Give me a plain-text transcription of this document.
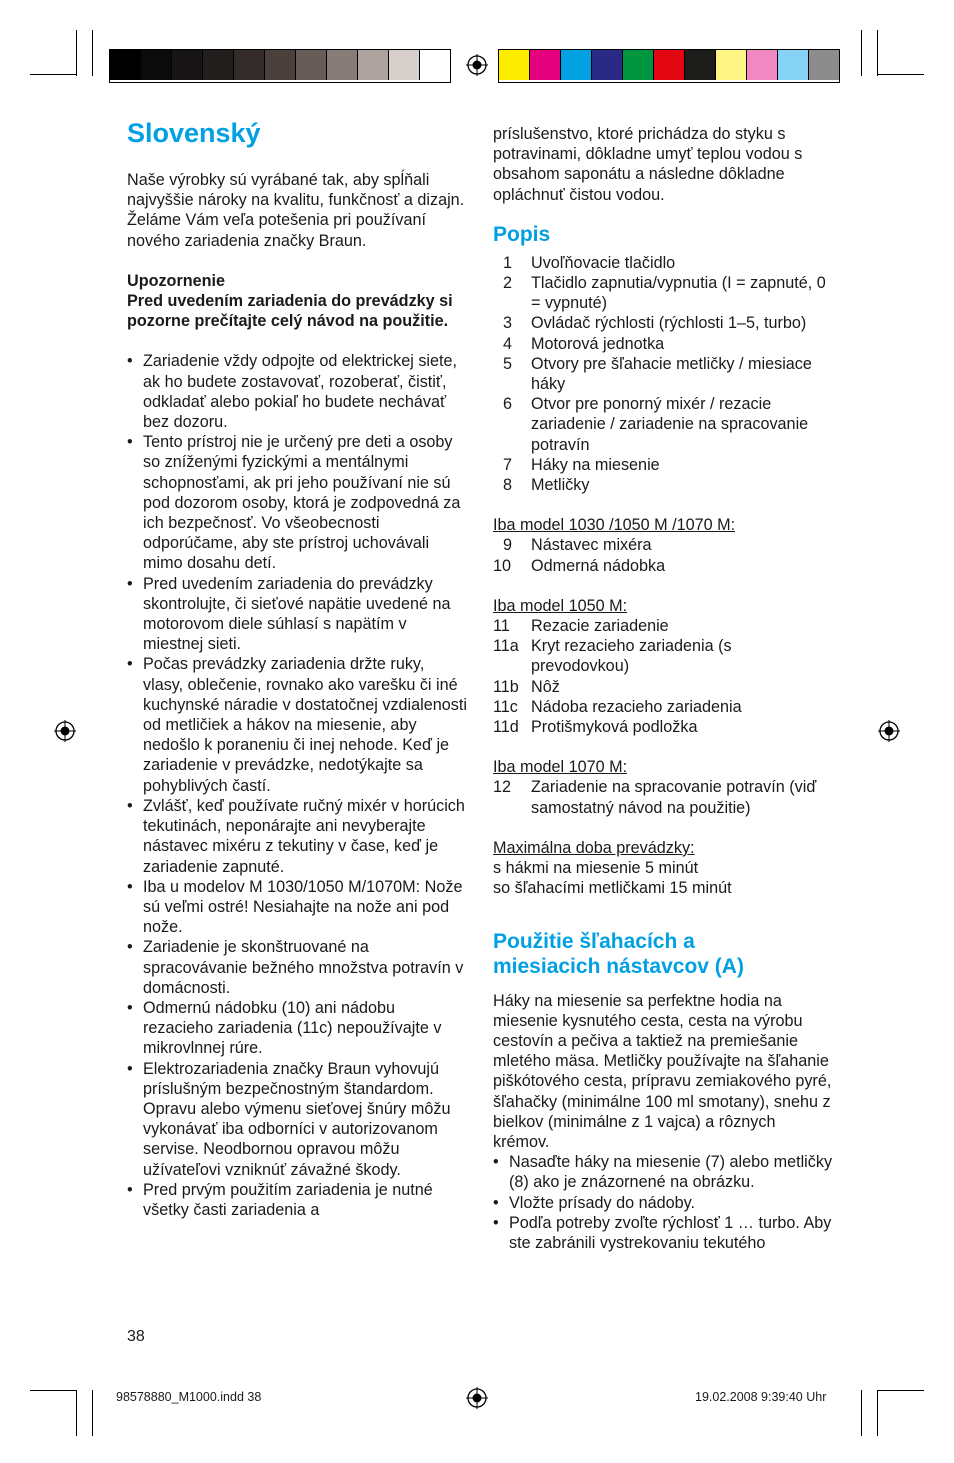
Slovenský

Naše výrobky sú vyrábané tak, aby spĺňali najvyššie nároky na kvalitu, funkčnosť a dizajn. Želáme Vám veľa potešenia pri používaní nového zariadenia značky Braun.

Upozornenie

Pred uvedením zariadenia do prevádzky si pozorne prečítajte celý návod na použitie.

• Zariadenie vždy odpojte od elektrickej siete, ak ho budete zostavovať, rozoberať, čistiť, odkladať alebo pokiaľ ho budete nechávať bez dozoru.
• Tento prístroj nie je určený pre deti a osoby so zníženými fyzickými a mentálnymi schopnosťami, ak pri jeho používaní nie sú pod dozorom osoby, ktorá je zodpovedná za ich bezpečnosť. Vo všeobecnosti odporúčame, aby ste prístroj uchovávali mimo dosahu detí.
• Pred uvedením zariadenia do prevádzky skontrolujte, či sieťové napätie uvedené na motorovom diele súhlasí s napätím v miestnej sieti.
• Počas prevádzky zariadenia držte ruky, vlasy, oblečenie, rovnako ako varešku či iné kuchynské náradie v dostatočnej vzdialenosti od metličiek a hákov na miesenie, aby nedošlo k poraneniu či inej nehode. Keď je zariadenie v prevádzke, nedotýkajte sa pohyblivých častí.
• Zvlášť, keď používate ručný mixér v horúcich tekutinách, neponárajte ani nevyberajte nástavec mixéru z tekutiny v čase, keď je zariadenie zapnuté.
• Iba u modelov M 1030/1050 M/1070M: Nože sú veľmi ostré! Nesiahajte na nože ani pod nože.
• Zariadenie je skonštruované na spracovávanie bežného množstva potravín v domácnosti.
• Odmernú nádobku (10) ani nádobu rezacieho zariadenia (11c) nepoužívajte v mikrovlnnej rúre.
• Elektrozariadenia značky Braun vyhovujú príslušným bezpečnostným štandardom. Opravu alebo výmenu sieťovej šnúry môžu vykonávať iba odborníci v autorizovanom servise. Neodbornou opravou môžu užívateľovi vzniknúť závažné škody.
• Pred prvým použitím zariadenia je nutné všetky časti zariadenia a
38

príslušenstvo, ktoré prichádza do styku s potravinami, dôkladne umyť teplou vodou s obsahom saponátu a následne dôkladne opláchnuť čistou vodou.

Popis
1	Uvoľňovacie tlačidlo
2	Tlačidlo zapnutia/vypnutia (I = zapnuté, 0 = vypnuté)
3	Ovládač rýchlosti (rýchlosti 1–5, turbo)
4	Motorová jednotka
5	Otvory pre šľahacie metličky / miesiace háky
6	Otvor pre ponorný mixér / rezacie zariadenie / zariadenie na spracovanie potravín
7	Háky na miesenie
8	Metličky

Iba model 1030 /1050 M /1070 M:

9	Nástavec mixéra
10	Odmerná nádobka

Iba model 1050 M:

11	Rezacie zariadenie
11a Kryt rezacieho zariadenia (s prevodovkou)
11b Nôž
11c Nádoba rezacieho zariadenia
11d Protišmyková podložka

Iba model 1070 M:

12	Zariadenie na spracovanie potravín (viď samostatný návod na použitie)

Maximálna doba prevádzky:

s hákmi na miesenie 5 minút

so šľahacími metličkami 15 minút

Použitie šľahacích a miesiacich nástavcov (A)

Háky na miesenie sa perfektne hodia na miesenie kysnutého cesta, cesta na výrobu cestovín a pečiva a taktiež na premiešanie mletého mäsa. Metličky používajte na šľahanie piškótového cesta, prípravu zemiakového pyré, šľahačky (minimálne 100 ml smotany), snehu z bielkov (minimálne z 1 vajca) a rôznych krémov.

• Nasaďte háky na miesenie (7) alebo metličky (8) ako je znázornené na obrázku.
• Vložte prísady do nádoby.
• Podľa potreby zvoľte rýchlosť 1 … turbo. Aby ste zabránili vystrekovaniu tekutého
98578880_M1000.indd 38	19.02.2008 9:39:40 Uhr
